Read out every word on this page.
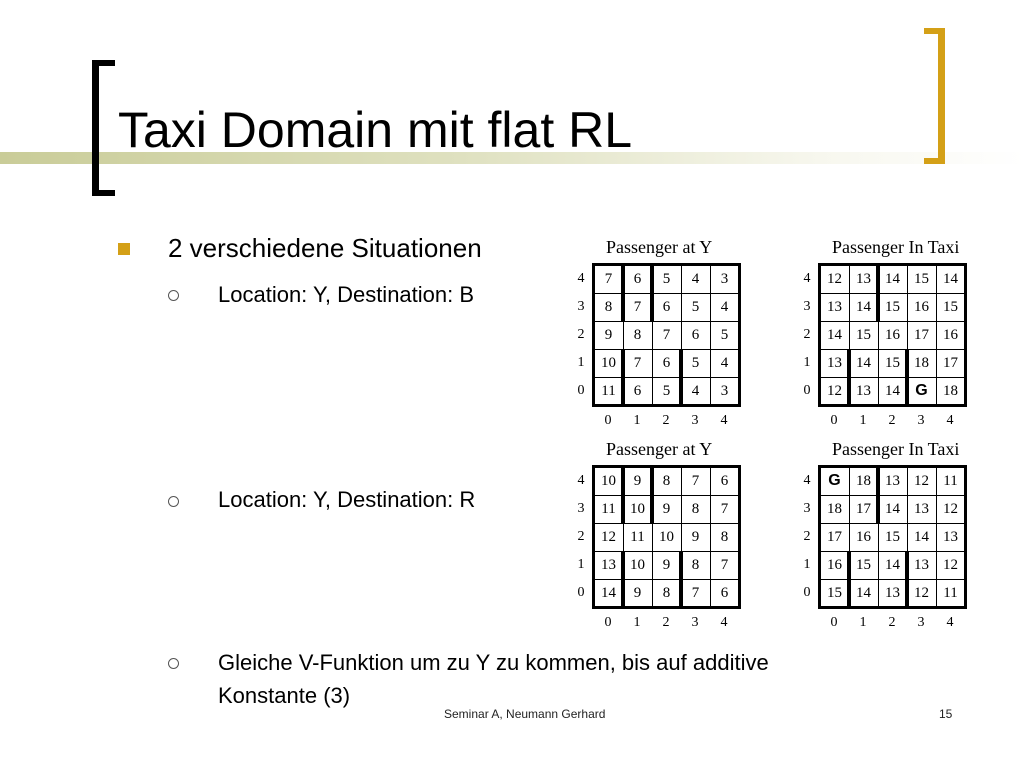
Taxi Domain mit flat RL
2 verschiedene Situationen
Location: Y, Destination: B
Location: Y, Destination: R
Gleiche V-Funktion um zu Y zu kommen, bis auf additive
Konstante (3)
Seminar A, Neumann Gerhard	15
Passenger at Y
4	7	6	5	4	3
3	8	7	6	5	4
2	9	8	7	6	5
1	10	7	6	5	4
0	11	6	5	4	3
0	1	2	3	4
Passenger In Taxi
4	12 13 14 15 14
3	13 14 15 16 15
2	14 15 16 17 16
1	13 14 15 18 17
0	12 13 14 G	18
0	1	2	3	4
Passenger at Y
4	10	9	8	7	6
3	11 10	9	8	7
2	12 11 10	9	8
1	13 10	9	8	7
0	14	9	8	7	6
0	1	2	3	4
Passenger In Taxi
4	G	18 13 12 11
3	18 17 14 13 12
2	17 16 15 14 13
1	16 15 14 13 12
0	15 14 13 12 11
0	1	2	3	4
